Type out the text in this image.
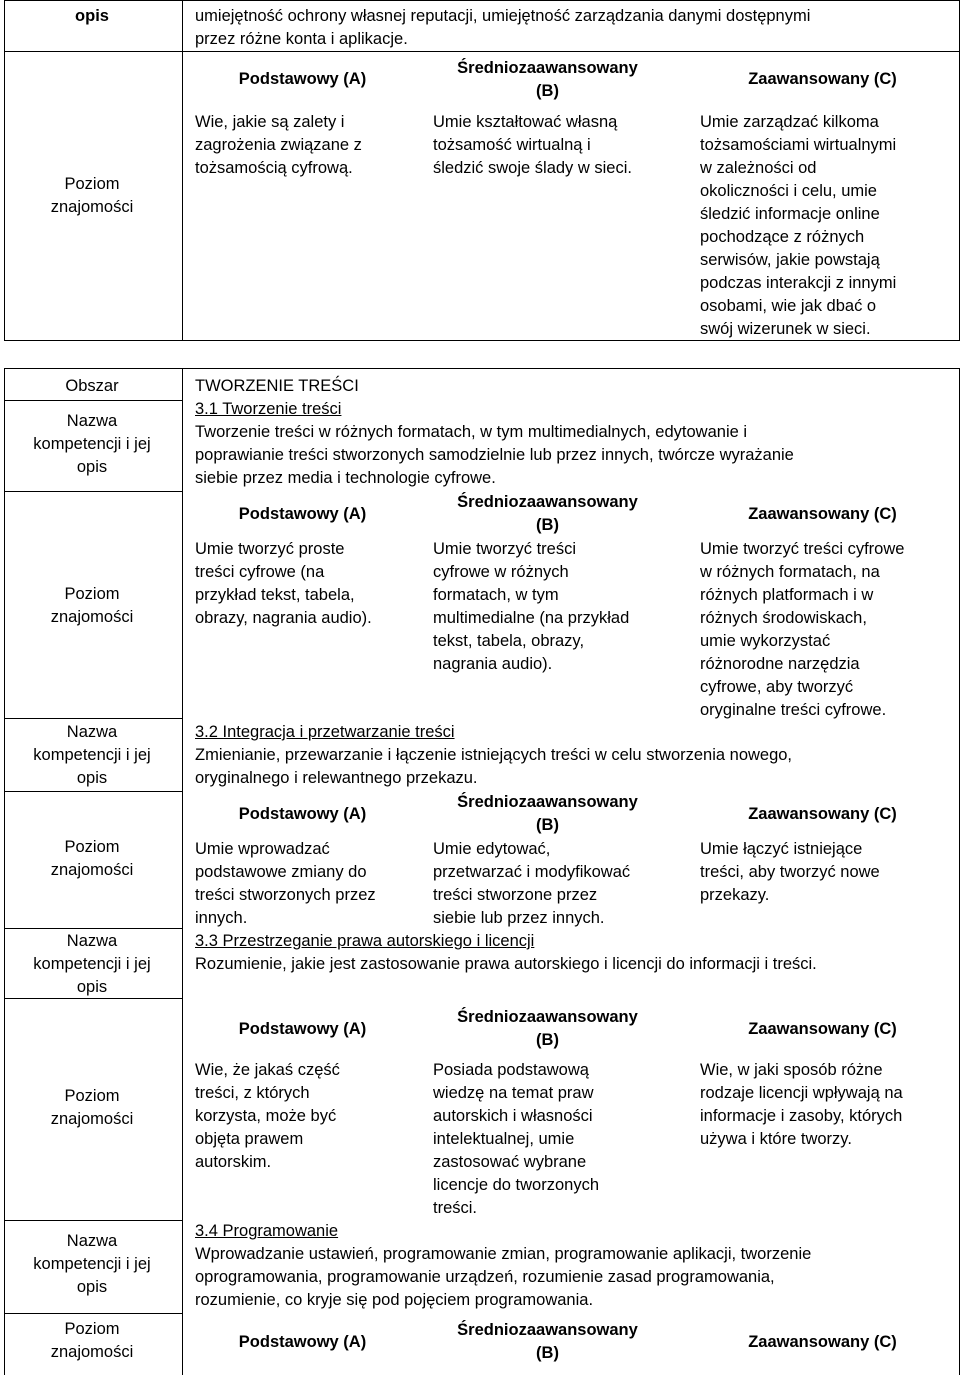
opis	umiejętność ochrony własnej reputacji, umiejętność zarządzania danymi dostępnymi
przez różne konta i aplikacje.
Podstawowy (A)
Średniozaawansowany
(B)
Zaawansowany (C)
Poziom
znajomości
Wie, jakie są zalety i
zagrożenia związane z
tożsamością cyfrową.
Umie kształtować własną
tożsamość wirtualną i
śledzić swoje ślady w sieci.
Umie zarządzać kilkoma
tożsamościami wirtualnymi
w zależności od
okoliczności i celu, umie
śledzić informacje online
pochodzące z różnych
serwisów, jakie powstają
podczas interakcji z innymi
osobami, wie jak dbać o
swój wizerunek w sieci.
Obszar
Nazwa
kompetencji i jej
opis
Poziom
znajomości
Nazwa
kompetencji i jej
opis
Poziom
znajomości
Nazwa
kompetencji i jej
opis
Poziom
znajomości
Nazwa
kompetencji i jej
opis
Poziom
znajomości
TWORZENIE TREŚCI
3.1 Tworzenie treści
Tworzenie treści w różnych formatach, w tym multimedialnych, edytowanie i
poprawianie treści stworzonych samodzielnie lub przez innych, twórcze wyrażanie
siebie przez media i technologie cyfrowe.
Podstawowy (A)
Średniozaawansowany
(B)
Zaawansowany (C)
Umie tworzyć proste
treści cyfrowe (na
przykład tekst, tabela,
obrazy, nagrania audio).
Umie tworzyć treści
cyfrowe w różnych
formatach, w tym
multimedialne (na przykład
tekst, tabela, obrazy,
nagrania audio).
Umie tworzyć treści cyfrowe
w różnych formatach, na
różnych platformach i w
różnych środowiskach,
umie wykorzystać
różnorodne narzędzia
cyfrowe, aby tworzyć
oryginalne treści cyfrowe.
3.2 Integracja i przetwarzanie treści
Zmienianie, przewarzanie i łączenie istniejących treści w celu stworzenia nowego,
oryginalnego i relewantnego przekazu.
Podstawowy (A)
Średniozaawansowany
(B)
Zaawansowany (C)
Umie wprowadzać
podstawowe zmiany do
treści stworzonych przez
innych.
Umie edytować,
przetwarzać i modyfikować
treści stworzone przez
siebie lub przez innych.
Umie łączyć istniejące
treści, aby tworzyć nowe
przekazy.
3.3 Przestrzeganie prawa autorskiego i licencji
Rozumienie, jakie jest zastosowanie prawa autorskiego i licencji do informacji i treści.
Podstawowy (A)
Średniozaawansowany
(B)
Zaawansowany (C)
Wie, że jakaś część
treści, z których
korzysta, może być
objęta prawem
autorskim.
Posiada podstawową
wiedzę na temat praw
autorskich i własności
intelektualnej, umie
zastosować wybrane
licencje do tworzonych
treści.
Wie, w jaki sposób różne
rodzaje licencji wpływają na
informacje i zasoby, których
używa i które tworzy.
3.4 Programowanie
Wprowadzanie ustawień, programowanie zmian, programowanie aplikacji, tworzenie
oprogramowania, programowanie urządzeń, rozumienie zasad programowania,
rozumienie, co kryje się pod pojęciem programowania.
Podstawowy (A)
Średniozaawansowany
(B)
Zaawansowany (C)
